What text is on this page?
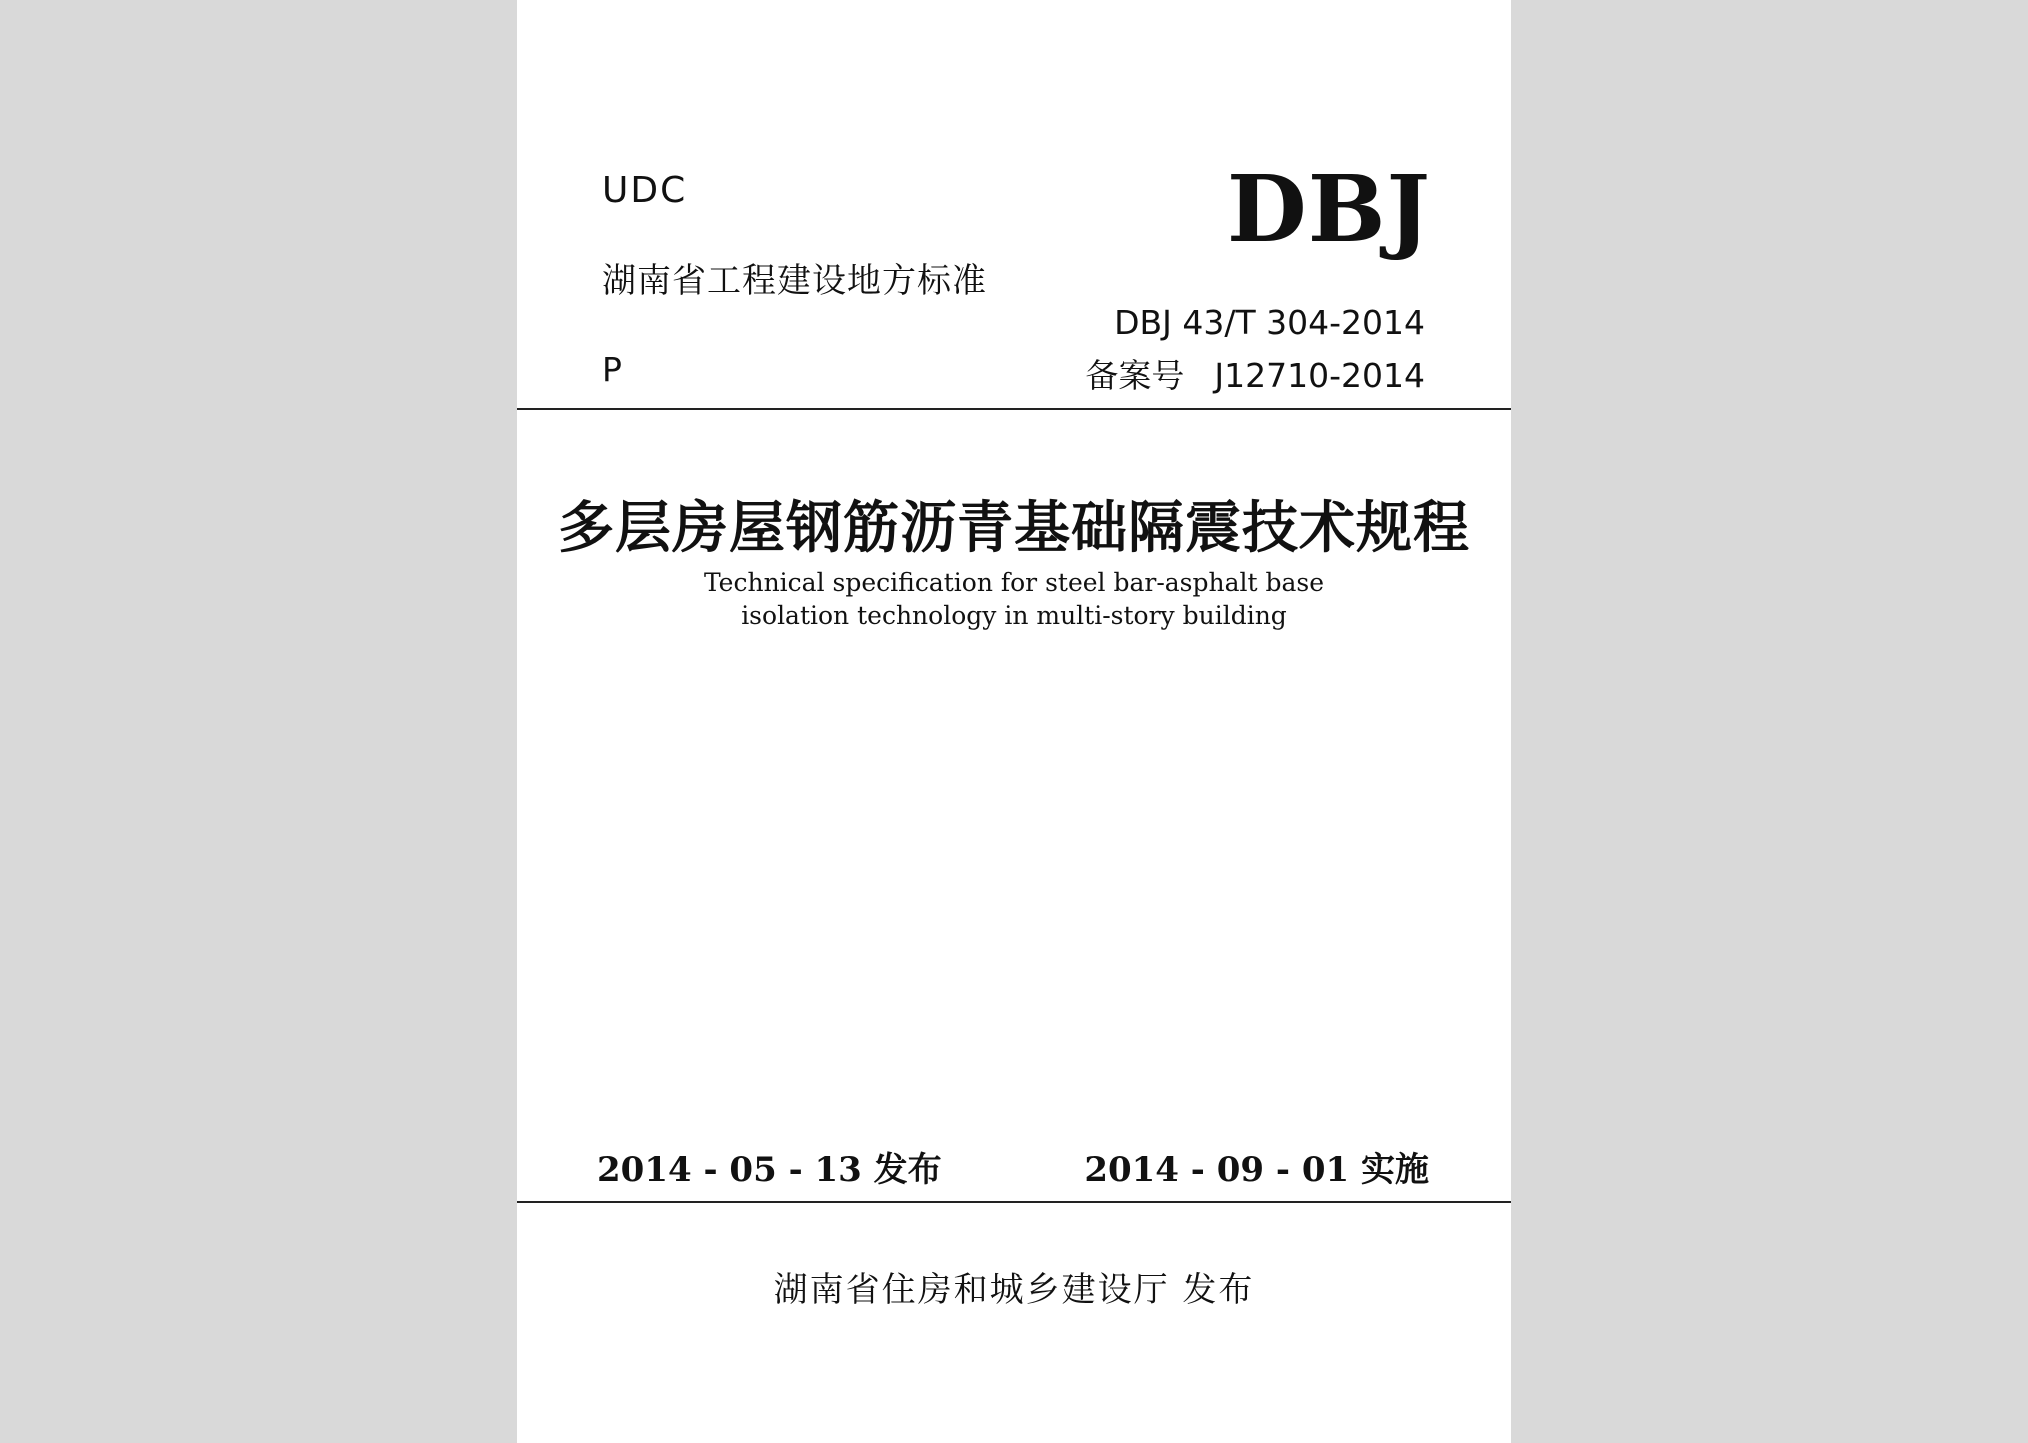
UDC	DBJ
湖南省工程建设地方标准
DBJ 43/T 304-2014
P	备案号 J12710-2014
多层房屋钢筋沥青基础隔震技术规程
Technical specification for steel bar-asphalt base
isolation technology in multi-story building
2014 - 05 - 13 发布	2014 - 09 - 01 实施
湖南省住房和城乡建设厅 发布
